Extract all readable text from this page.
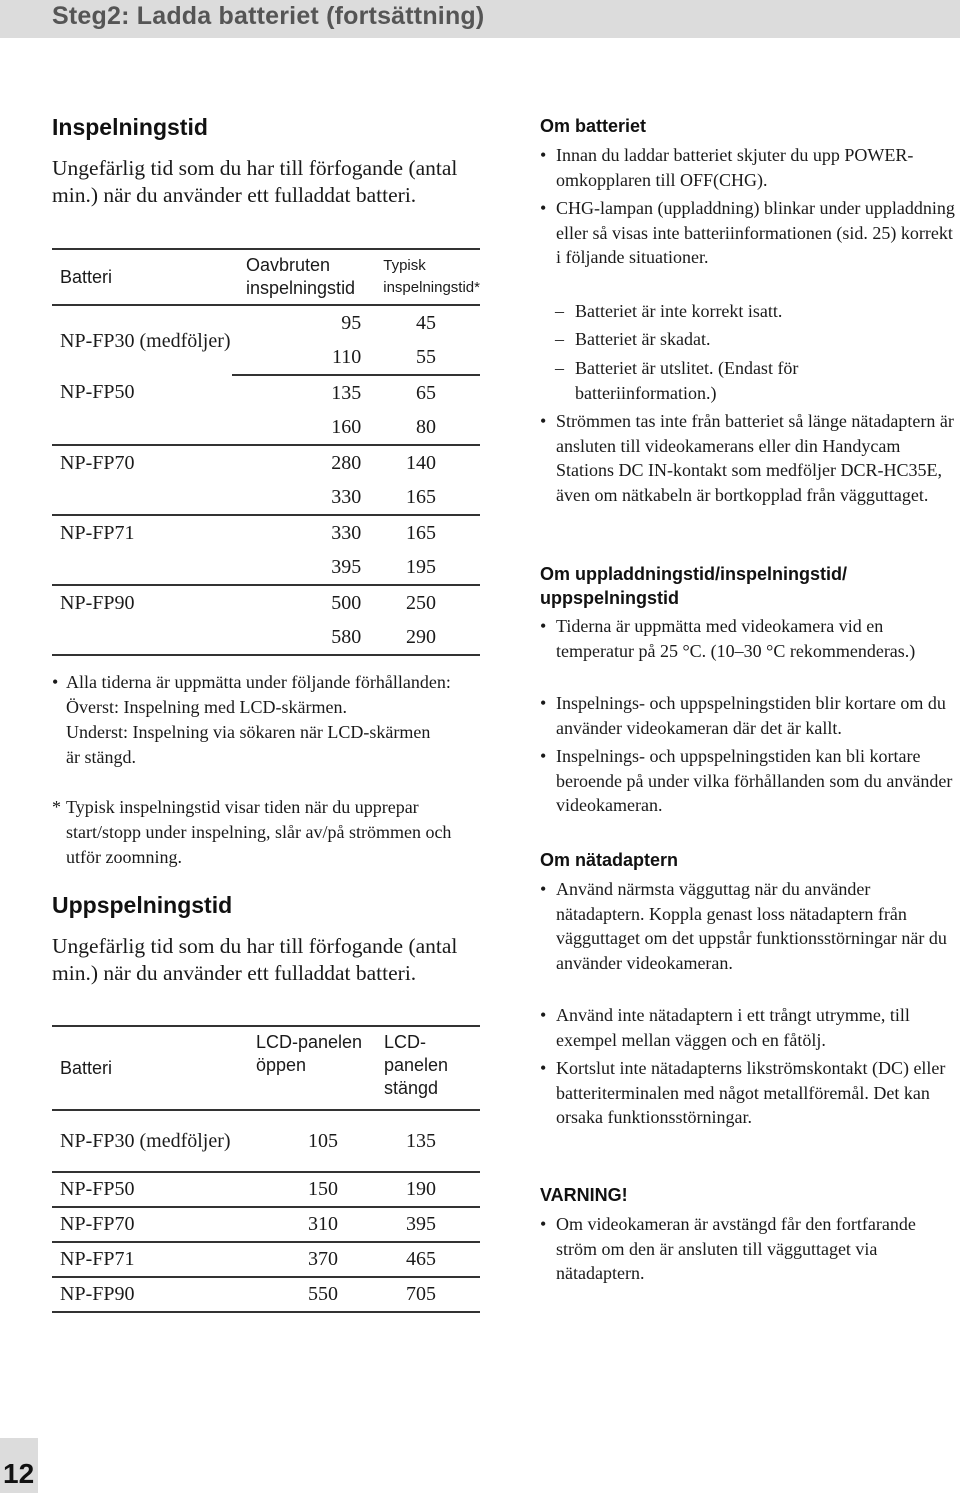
Steg2: Ladda batteriet (fortsättning)
Inspelningstid
Ungefärlig tid som du har till förfogande (antal min.) när du använder ett fulladdat batteri.
Batteri	Oavbruten inspelningstid	Typisk inspelningstid*
NP-FP30 (medföljer)	95	45
	110	55
NP-FP50	135	65
	160	80
NP-FP70	280	140
	330	165
NP-FP71	330	165
	395	195
NP-FP90	500	250
	580	290
• Alla tiderna är uppmätta under följande förhållanden:
Överst: Inspelning med LCD-skärmen.
Underst: Inspelning via sökaren när LCD-skärmen är stängd.
* Typisk inspelningstid visar tiden när du upprepar start/stopp under inspelning, slår av/på strömmen och utför zoomning.
Uppspelningstid
Ungefärlig tid som du har till förfogande (antal min.) när du använder ett fulladdat batteri.
Batteri	LCD-panelen öppen	LCD-panelen stängd
NP-FP30 (medföljer)	105	135
NP-FP50	150	190
NP-FP70	310	395
NP-FP71	370	465
NP-FP90	550	705
Om batteriet
• Innan du laddar batteriet skjuter du upp POWER-omkopplaren till OFF(CHG).
• CHG-lampan (uppladdning) blinkar under uppladdning eller så visas inte batteriinformationen (sid. 25) korrekt i följande situationer.
– Batteriet är inte korrekt isatt.
– Batteriet är skadat.
– Batteriet är utslitet. (Endast för batteriinformation.)
• Strömmen tas inte från batteriet så länge nätadaptern är ansluten till videokamerans eller din Handycam Stations DC IN-kontakt som medföljer DCR-HC35E, även om nätkabeln är bortkopplad från vägguttaget.
Om uppladdningstid/inspelningstid/
uppspelningstid
• Tiderna är uppmätta med videokamera vid en temperatur på 25 °C. (10–30 °C rekommenderas.)
• Inspelnings- och uppspelningstiden blir kortare om du använder videokameran där det är kallt.
• Inspelnings- och uppspelningstiden kan bli kortare beroende på under vilka förhållanden som du använder videokameran.
Om nätadaptern
• Använd närmsta vägguttag när du använder nätadaptern. Koppla genast loss nätadaptern från vägguttaget om det uppstår funktionsstörningar när du använder videokameran.
• Använd inte nätadaptern i ett trångt utrymme, till exempel mellan väggen och en fåtölj.
• Kortslut inte nätadapterns likströmskontakt (DC) eller batteriterminalen med något metallföremål. Det kan orsaka funktionsstörningar.
VARNING!
• Om videokameran är avstängd får den fortfarande ström om den är ansluten till vägguttaget via nätadaptern.
12
